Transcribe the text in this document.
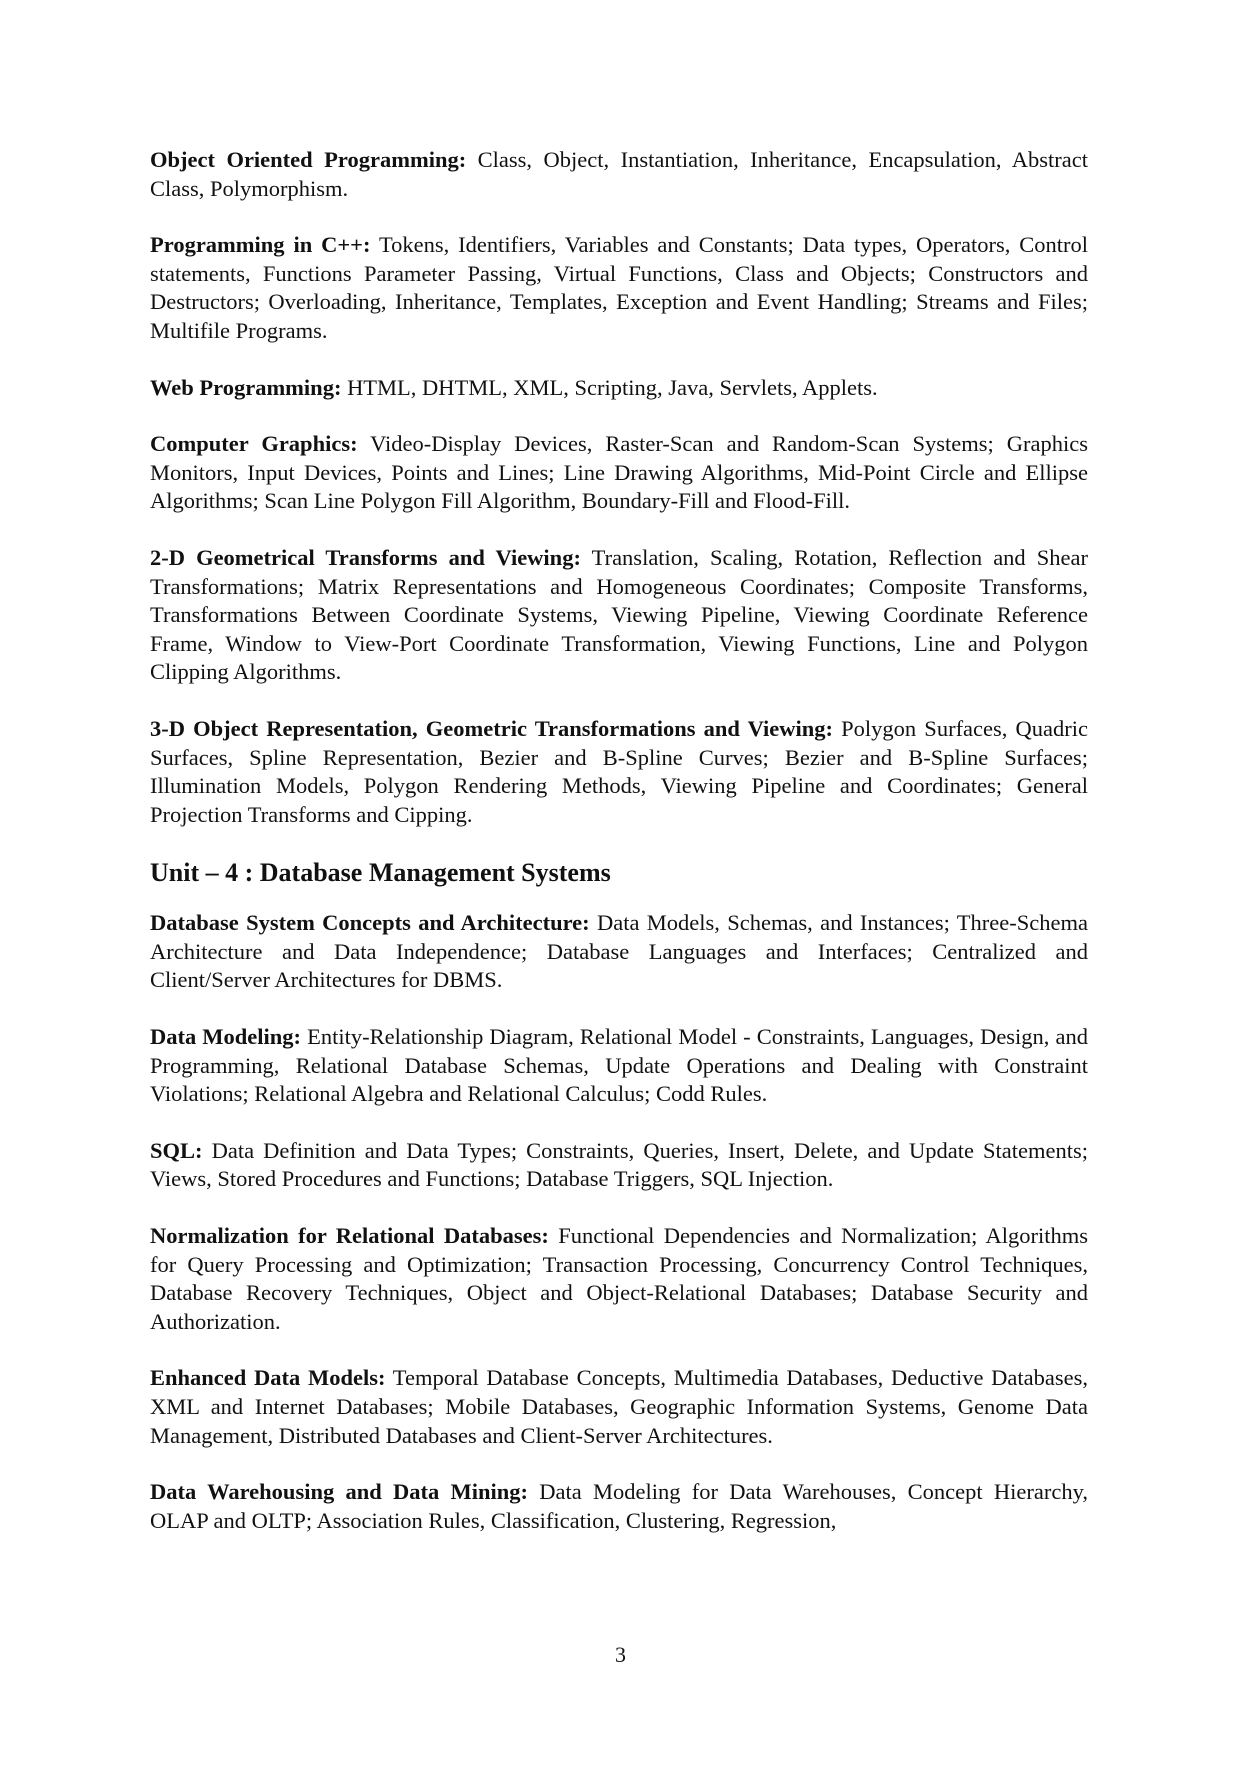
Object Oriented Programming: Class, Object, Instantiation, Inheritance, Encapsulation, Abstract Class, Polymorphism.

Programming in C++: Tokens, Identifiers, Variables and Constants; Data types, Operators, Control statements, Functions Parameter Passing, Virtual Functions, Class and Objects; Constructors and Destructors; Overloading, Inheritance, Templates, Exception and Event Handling; Streams and Files; Multifile Programs.

Web Programming: HTML, DHTML, XML, Scripting, Java, Servlets, Applets.

Computer Graphics: Video-Display Devices, Raster-Scan and Random-Scan Systems; Graphics Monitors, Input Devices, Points and Lines; Line Drawing Algorithms, Mid-Point Circle and Ellipse Algorithms; Scan Line Polygon Fill Algorithm, Boundary-Fill and Flood-Fill.

2-D Geometrical Transforms and Viewing: Translation, Scaling, Rotation, Reflection and Shear Transformations; Matrix Representations and Homogeneous Coordinates; Composite Transforms, Transformations Between Coordinate Systems, Viewing Pipeline, Viewing Coordinate Reference Frame, Window to View-Port Coordinate Transformation, Viewing Functions, Line and Polygon Clipping Algorithms.

3-D Object Representation, Geometric Transformations and Viewing: Polygon Surfaces, Quadric Surfaces, Spline Representation, Bezier and B-Spline Curves; Bezier and B-Spline Surfaces; Illumination Models, Polygon Rendering Methods, Viewing Pipeline and Coordinates; General Projection Transforms and Cipping.

Unit – 4 : Database Management Systems

Database System Concepts and Architecture: Data Models, Schemas, and Instances; Three-Schema Architecture and Data Independence; Database Languages and Interfaces; Centralized and Client/Server Architectures for DBMS.

Data Modeling: Entity-Relationship Diagram, Relational Model - Constraints, Languages, Design, and Programming, Relational Database Schemas, Update Operations and Dealing with Constraint Violations; Relational Algebra and Relational Calculus; Codd Rules.

SQL: Data Definition and Data Types; Constraints, Queries, Insert, Delete, and Update Statements; Views, Stored Procedures and Functions; Database Triggers, SQL Injection.

Normalization for Relational Databases: Functional Dependencies and Normalization; Algorithms for Query Processing and Optimization; Transaction Processing, Concurrency Control Techniques, Database Recovery Techniques, Object and Object-Relational Databases; Database Security and Authorization.

Enhanced Data Models: Temporal Database Concepts, Multimedia Databases, Deductive Databases, XML and Internet Databases; Mobile Databases, Geographic Information Systems, Genome Data Management, Distributed Databases and Client-Server Architectures.

Data Warehousing and Data Mining: Data Modeling for Data Warehouses, Concept Hierarchy, OLAP and OLTP; Association Rules, Classification, Clustering, Regression,

3
